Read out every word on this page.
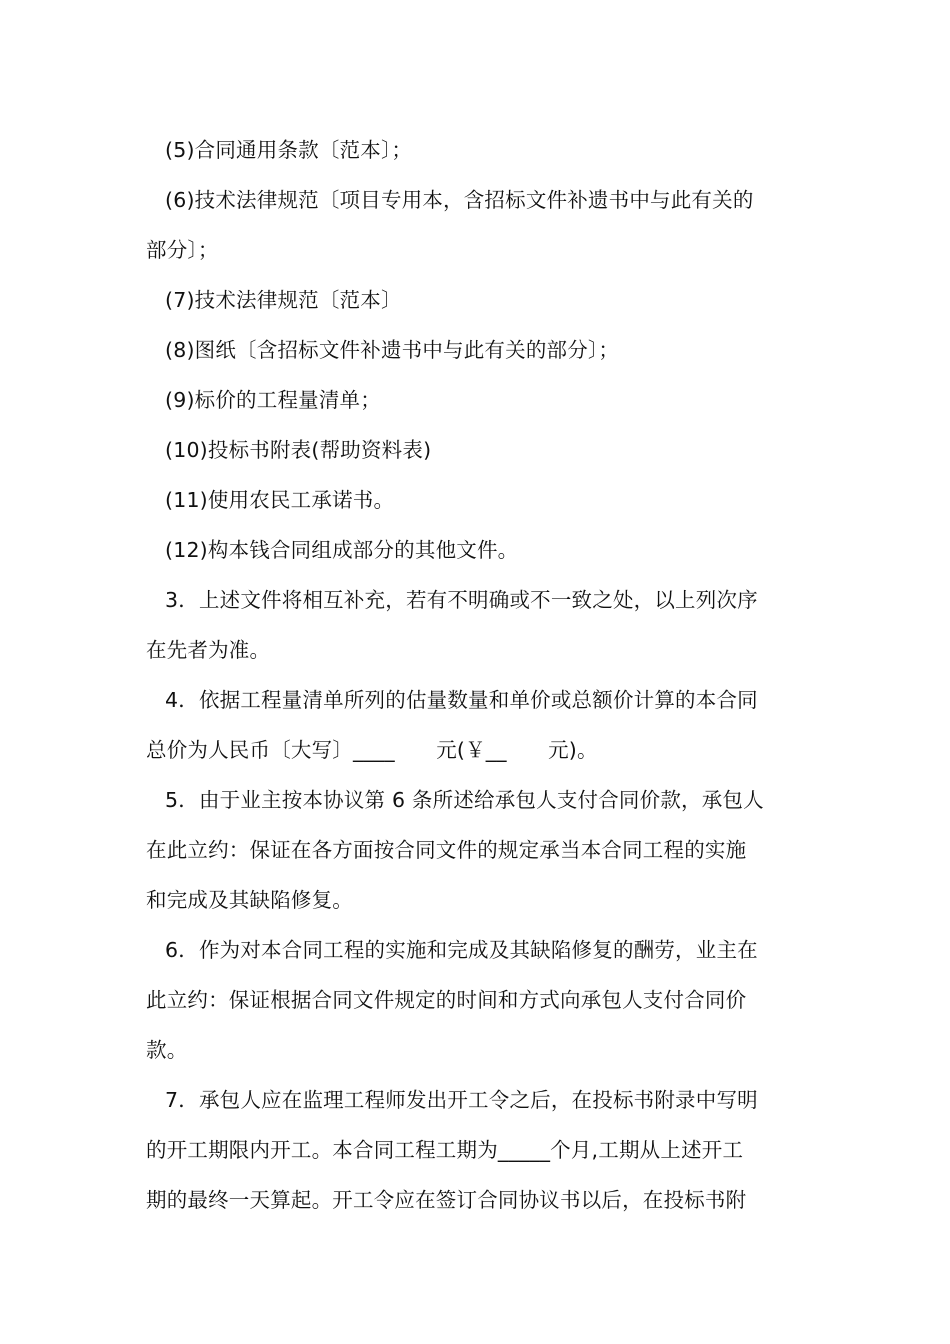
(5)合同通用条款〔范本〕；
(6)技术法律规范〔项目专用本，含招标文件补遗书中与此有关的
部分〕；
(7)技术法律规范〔范本〕
(8)图纸〔含招标文件补遗书中与此有关的部分〕；
(9)标价的工程量清单；
(10)投标书附表(帮助资料表)
(11)使用农民工承诺书。
(12)构本钱合同组成部分的其他文件。
3．上述文件将相互补充，若有不明确或不一致之处，以上列次序
在先者为准。
4．依据工程量清单所列的估量数量和单价或总额价计算的本合同
总价为人民币〔大写〕____　　元(￥__　　元)。
5．由于业主按本协议第 6 条所述给承包人支付合同价款，承包人
在此立约：保证在各方面按合同文件的规定承当本合同工程的实施
和完成及其缺陷修复。
6．作为对本合同工程的实施和完成及其缺陷修复的酬劳，业主在
此立约：保证根据合同文件规定的时间和方式向承包人支付合同价
款。
7．承包人应在监理工程师发出开工令之后，在投标书附录中写明
的开工期限内开工。本合同工程工期为_____个月,工期从上述开工
期的最终一天算起。开工令应在签订合同协议书以后，在投标书附
